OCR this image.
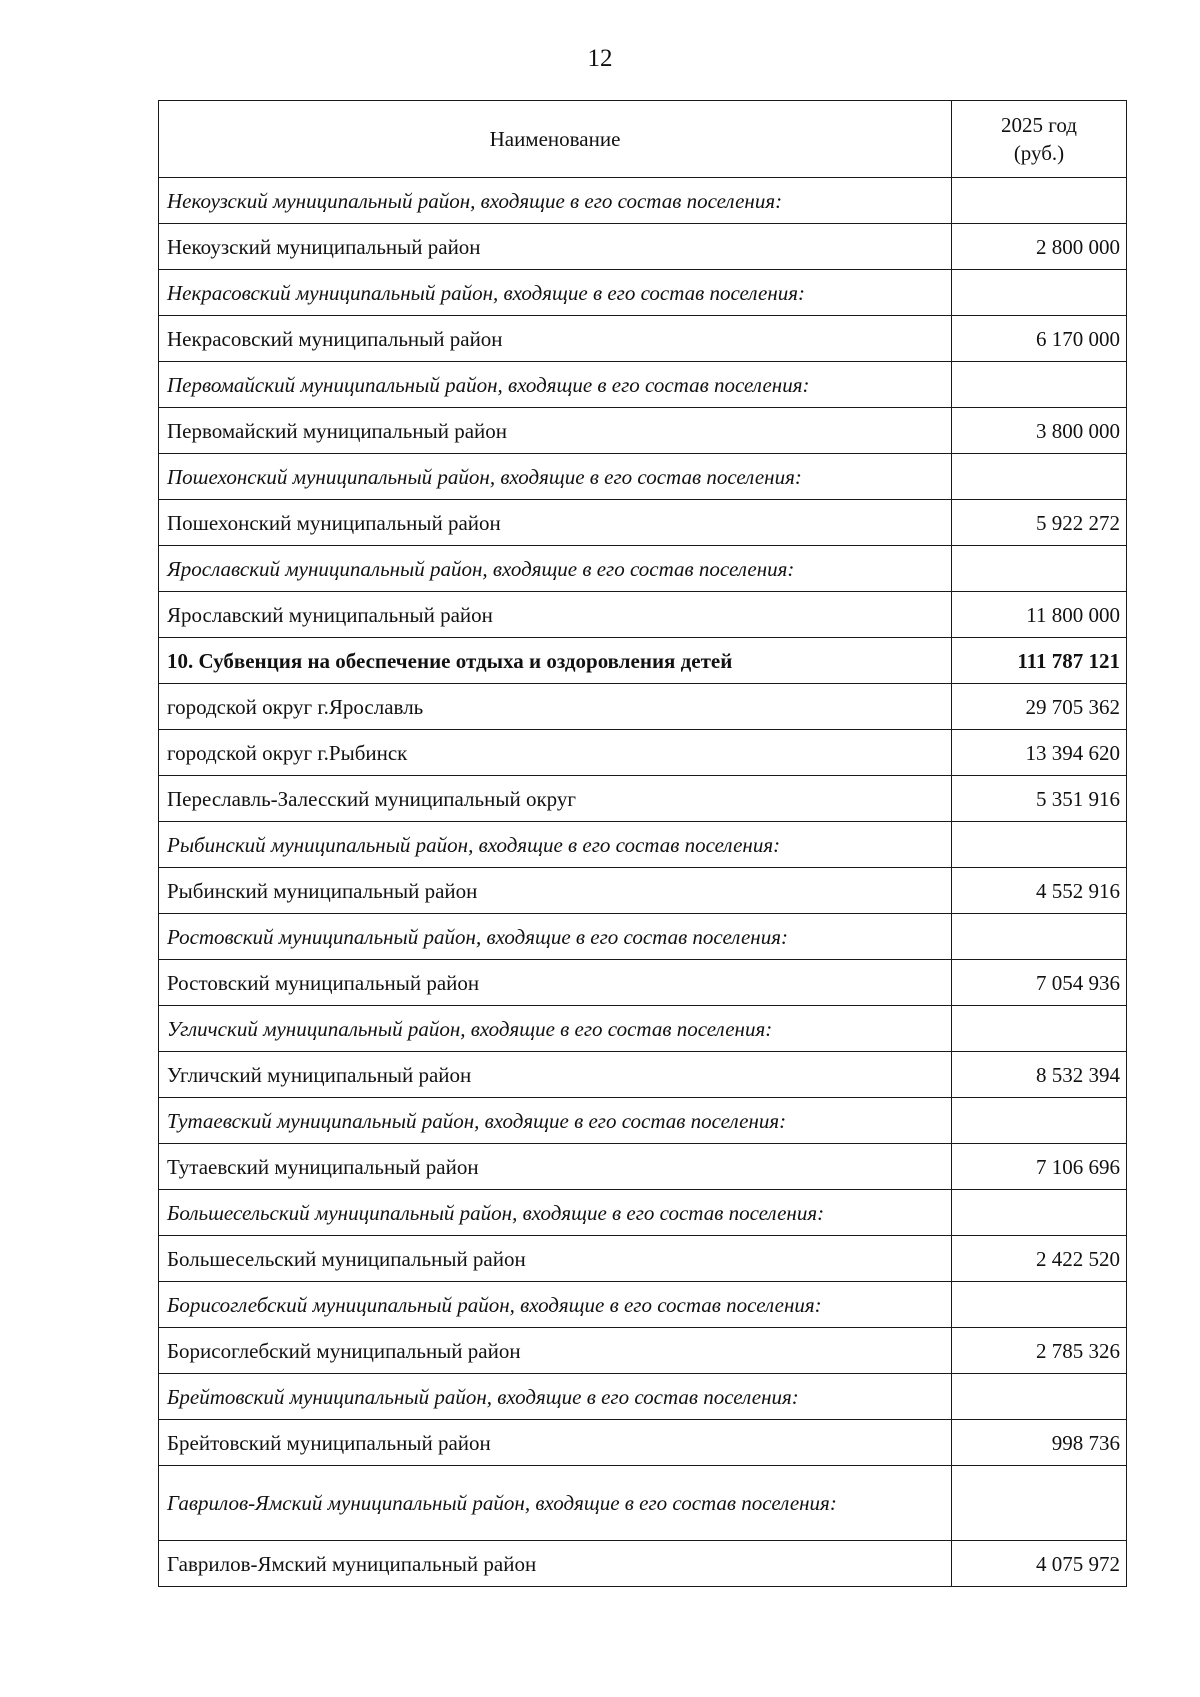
12
Наименование	2025 год
(руб.)
Некоузский муниципальный район, входящие в его состав поселения:	
Некоузский муниципальный район	2 800 000
Некрасовский муниципальный район, входящие в его состав поселения:	
Некрасовский муниципальный район	6 170 000
Первомайский муниципальный район, входящие в его состав поселения:	
Первомайский муниципальный район	3 800 000
Пошехонский муниципальный район, входящие в его состав поселения:	
Пошехонский муниципальный район	5 922 272
Ярославский муниципальный район, входящие в его состав поселения:	
Ярославский муниципальный район	11 800 000
10. Субвенция на обеспечение отдыха и оздоровления детей	111 787 121
городской округ г.Ярославль	29 705 362
городской округ г.Рыбинск	13 394 620
Переславль-Залесский муниципальный округ	5 351 916
Рыбинский муниципальный район, входящие в его состав поселения:	
Рыбинский муниципальный район	4 552 916
Ростовский муниципальный район, входящие в его состав поселения:	
Ростовский муниципальный район	7 054 936
Угличский муниципальный район, входящие в его состав поселения:	
Угличский муниципальный район	8 532 394
Тутаевский муниципальный район, входящие в его состав поселения:	
Тутаевский муниципальный район	7 106 696
Большесельский муниципальный район, входящие в его состав поселения:	
Большесельский муниципальный район	2 422 520
Борисоглебский муниципальный район, входящие в его состав поселения:	
Борисоглебский муниципальный район	2 785 326
Брейтовский муниципальный район, входящие в его состав поселения:	
Брейтовский муниципальный район	998 736
Гаврилов-Ямский муниципальный район, входящие в его состав поселения:	
Гаврилов-Ямский муниципальный район	4 075 972
